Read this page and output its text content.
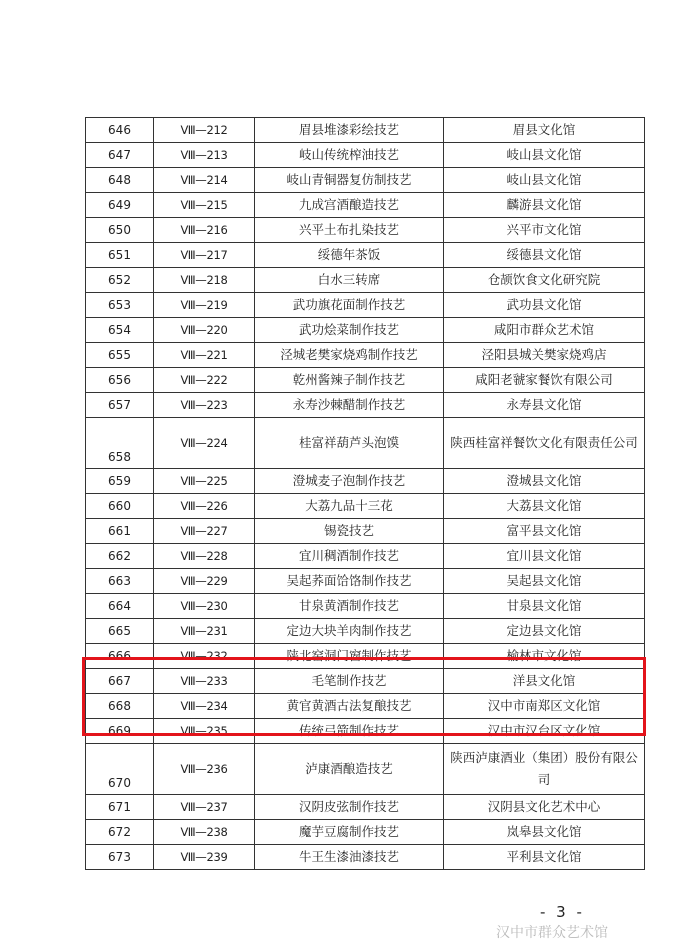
646	Ⅷ—212	眉县堆漆彩绘技艺	眉县文化馆
647	Ⅷ—213	岐山传统榨油技艺	岐山县文化馆
648	Ⅷ—214	岐山青铜器复仿制技艺	岐山县文化馆
649	Ⅷ—215	九成宫酒酿造技艺	麟游县文化馆
650	Ⅷ—216	兴平土布扎染技艺	兴平市文化馆
651	Ⅷ—217	绥德年茶饭	绥德县文化馆
652	Ⅷ—218	白水三转席	仓颉饮食文化研究院
653	Ⅷ—219	武功旗花面制作技艺	武功县文化馆
654	Ⅷ—220	武功烩菜制作技艺	咸阳市群众艺术馆
655	Ⅷ—221	泾城老樊家烧鸡制作技艺	泾阳县城关樊家烧鸡店
656	Ⅷ—222	乾州酱辣子制作技艺	咸阳老虢家餐饮有限公司
657	Ⅷ—223	永寿沙棘醋制作技艺	永寿县文化馆
658	Ⅷ—224	桂富祥葫芦头泡馍	陕西桂富祥餐饮文化有限责任公司
659	Ⅷ—225	澄城麦子泡制作技艺	澄城县文化馆
660	Ⅷ—226	大荔九品十三花	大荔县文化馆
661	Ⅷ—227	锡瓷技艺	富平县文化馆
662	Ⅷ—228	宜川稠酒制作技艺	宜川县文化馆
663	Ⅷ—229	吴起荞面饸饹制作技艺	吴起县文化馆
664	Ⅷ—230	甘泉黄酒制作技艺	甘泉县文化馆
665	Ⅷ—231	定边大块羊肉制作技艺	定边县文化馆
666	Ⅷ—232	陕北窑洞门窗制作技艺	榆林市文化馆
667	Ⅷ—233	毛笔制作技艺	洋县文化馆
668	Ⅷ—234	黄官黄酒古法复酿技艺	汉中市南郑区文化馆
669	Ⅷ—235	传统弓箭制作技艺	汉中市汉台区文化馆
670	Ⅷ—236	泸康酒酿造技艺	陕西泸康酒业（集团）股份有限公司
671	Ⅷ—237	汉阴皮弦制作技艺	汉阴县文化艺术中心
672	Ⅷ—238	魔芋豆腐制作技艺	岚皋县文化馆
673	Ⅷ—239	牛王生漆油漆技艺	平利县文化馆
- 3 -
汉中市群众艺术馆
